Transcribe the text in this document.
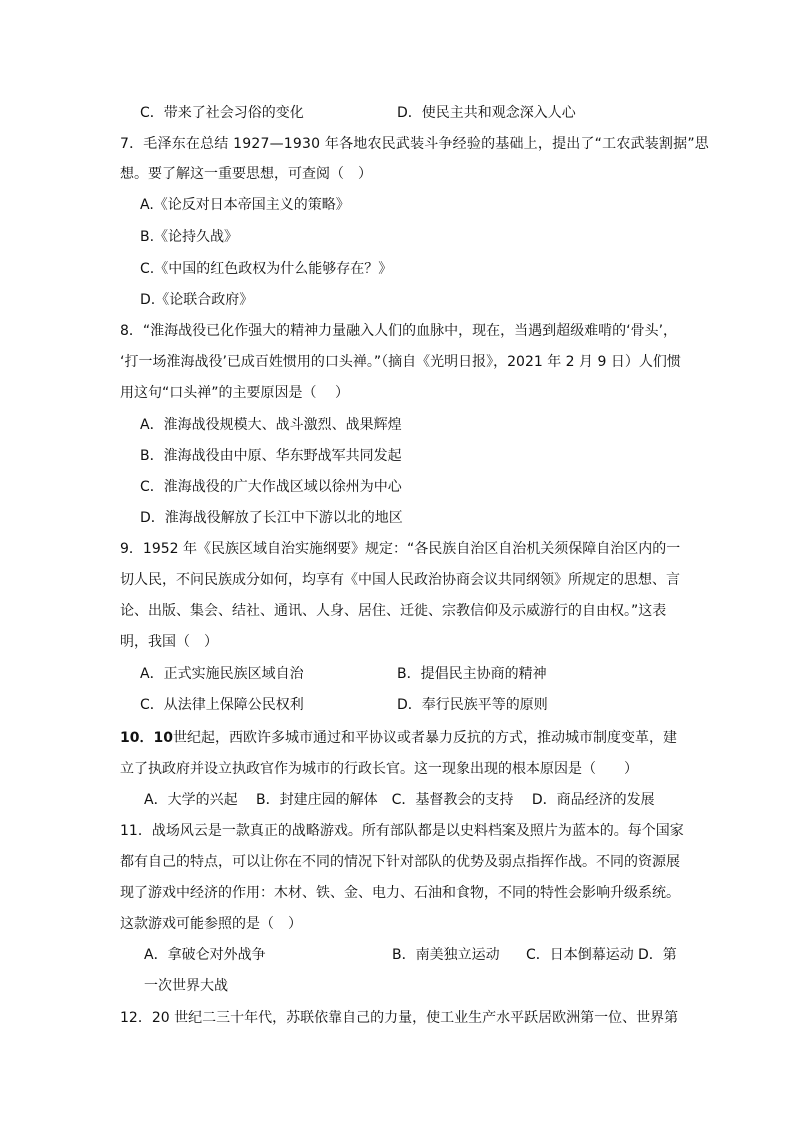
C．带来了社会习俗的变化	D．使民主共和观念深入人心
7．毛泽东在总结 1927—1930 年各地农民武装斗争经验的基础上，提出了“工农武装割据”思
想。要了解这一重要思想，可查阅（　）
A.《论反对日本帝国主义的策略》
B.《论持久战》
C.《中国的红色政权为什么能够存在？》
D.《论联合政府》
8．“淮海战役已化作强大的精神力量融入人们的血脉中，现在，当遇到超级难啃的‘骨头’，
‘打一场淮海战役’已成百姓惯用的口头禅。”（摘自《光明日报》，2021 年 2 月 9 日）人们惯
用这句“口头禅”的主要原因是（　 ）
A．淮海战役规模大、战斗激烈、战果辉煌
B．淮海战役由中原、华东野战军共同发起
C．淮海战役的广大作战区域以徐州为中心
D．淮海战役解放了长江中下游以北的地区
9．1952 年《民族区域自治实施纲要》规定：“各民族自治区自治机关须保障自治区内的一
切人民，不问民族成分如何，均享有《中国人民政治协商会议共同纲领》所规定的思想、言
论、出版、集会、结社、通讯、人身、居住、迁徙、宗教信仰及示威游行的自由权。”这表
明，我国（　）
A．正式实施民族区域自治	B．提倡民主协商的精神
C．从法律上保障公民权利	D．奉行民族平等的原则
10．10世纪起，西欧许多城市通过和平协议或者暴力反抗的方式，推动城市制度变革，建
立了执政府并设立执政官作为城市的行政长官。这一现象出现的根本原因是（　　）
A．大学的兴起　 B．封建庄园的解体　C．基督教会的支持　 D．商品经济的发展
11．战场风云是一款真正的战略游戏。所有部队都是以史料档案及照片为蓝本的。每个国家
都有自己的特点，可以让你在不同的情况下针对部队的优势及弱点指挥作战。不同的资源展
现了游戏中经济的作用：木材、铁、金、电力、石油和食物，不同的特性会影响升级系统。
这款游戏可能参照的是（　）
A．拿破仑对外战争	B．南美独立运动 C．日本倒幕运动 D．第
一次世界大战
12．20 世纪二三十年代，苏联依靠自己的力量，使工业生产水平跃居欧洲第一位、世界第
